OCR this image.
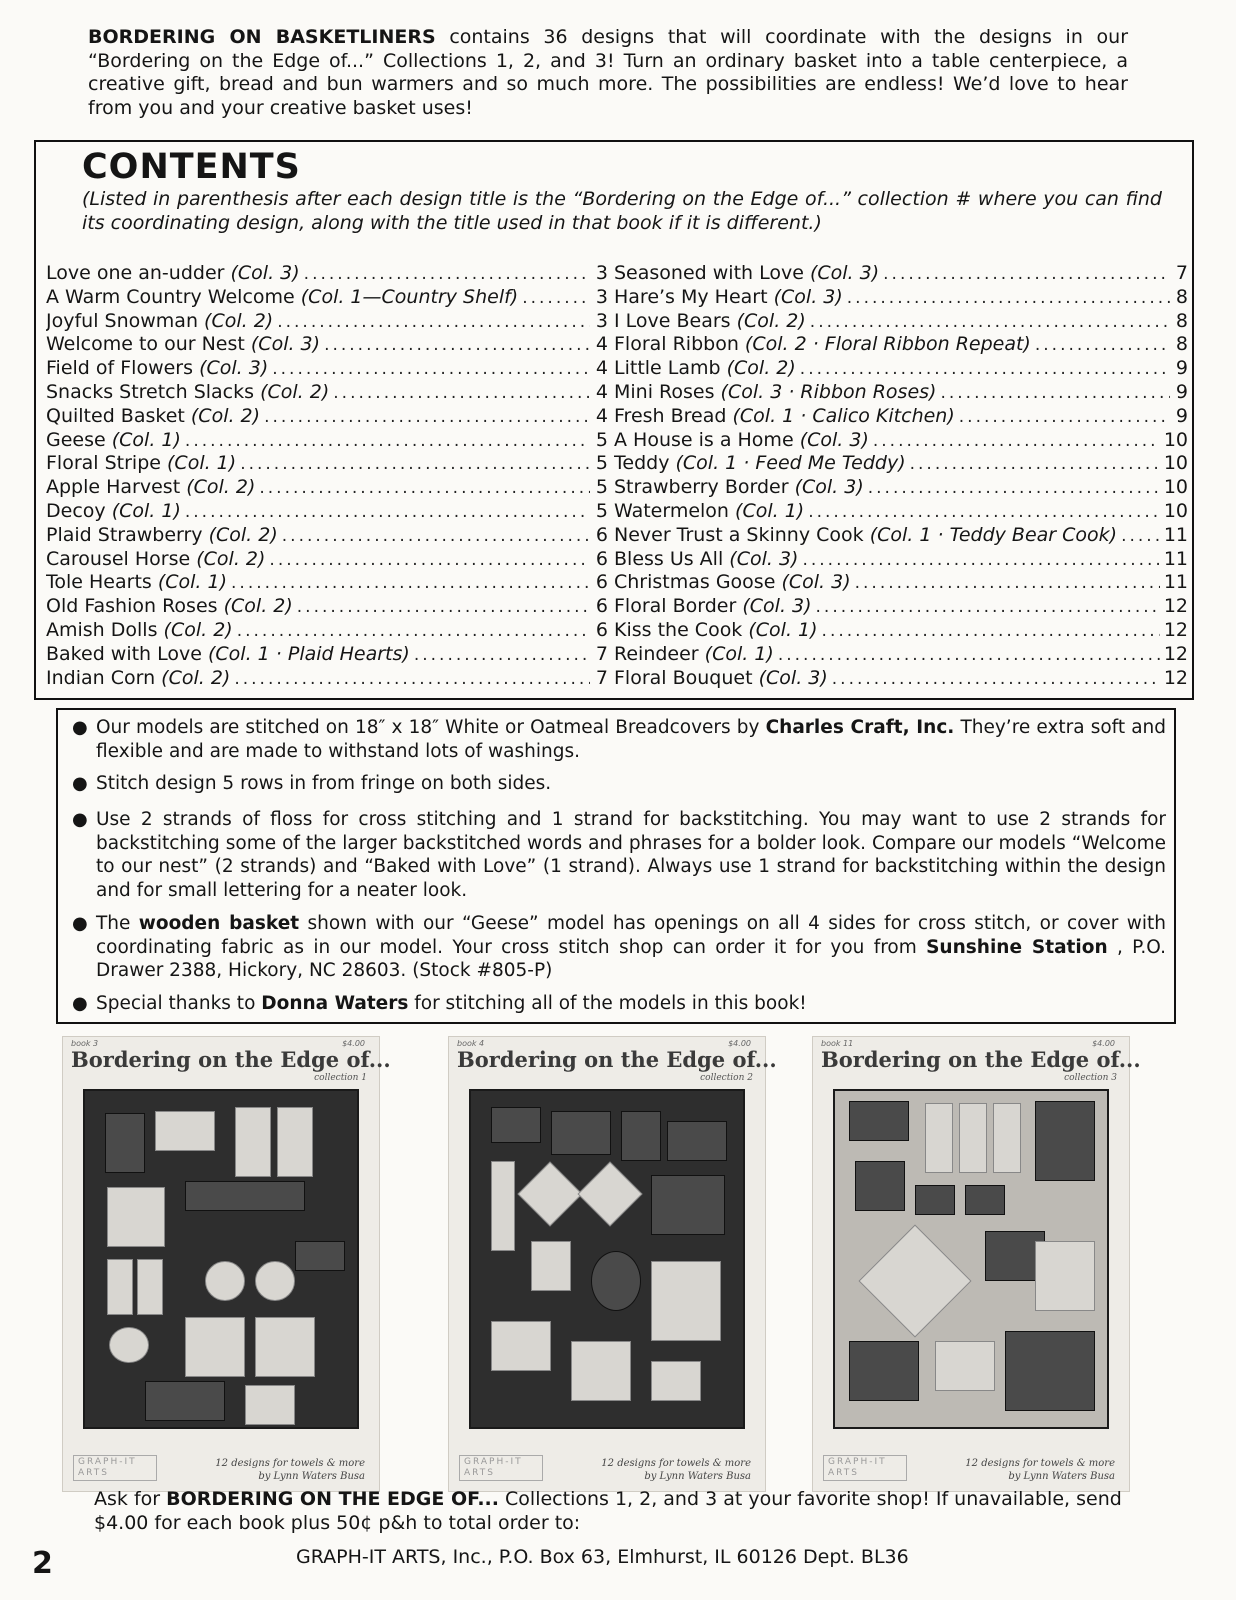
BORDERING ON BASKETLINERS contains 36 designs that will coordinate with the designs in our “Bordering on the Edge of...” Collections 1, 2, and 3! Turn an ordinary basket into a table centerpiece, a creative gift, bread and bun warmers and so much more. The possibilities are endless! We’d love to hear from you and your creative basket uses!
CONTENTS
(Listed in parenthesis after each design title is the “Bordering on the Edge of...” collection # where you can find its coordinating design, along with the title used in that book if it is different.)
Love one an-udder (Col. 3) .....	3
A Warm Country Welcome (Col. 1—Country Shelf) .....	3
Joyful Snowman (Col. 2) .....	3
Welcome to our Nest (Col. 3) .....	4
Field of Flowers (Col. 3) .....	4
Snacks Stretch Slacks (Col. 2) .....	4
Quilted Basket (Col. 2) .....	4
Geese (Col. 1) .....	5
Floral Stripe (Col. 1) .....	5
Apple Harvest (Col. 2) .....	5
Decoy (Col. 1) .....	5
Plaid Strawberry (Col. 2) .....	6
Carousel Horse (Col. 2) .....	6
Tole Hearts (Col. 1) .....	6
Old Fashion Roses (Col. 2) .....	6
Amish Dolls (Col. 2) .....	6
Baked with Love (Col. 1 · Plaid Hearts) .....	7
Indian Corn (Col. 2) .....	7
Seasoned with Love (Col. 3) .....	7
Hare’s My Heart (Col. 3) .....	8
I Love Bears (Col. 2) .....	8
Floral Ribbon (Col. 2 · Floral Ribbon Repeat) .....	8
Little Lamb (Col. 2) .....	9
Mini Roses (Col. 3 · Ribbon Roses) .....	9
Fresh Bread (Col. 1 · Calico Kitchen) .....	9
A House is a Home (Col. 3) .....	10
Teddy (Col. 1 · Feed Me Teddy) .....	10
Strawberry Border (Col. 3) .....	10
Watermelon (Col. 1) .....	10
Never Trust a Skinny Cook (Col. 1 · Teddy Bear Cook) ..... 11
Bless Us All (Col. 3) .....	11
Christmas Goose (Col. 3) .....	11
Floral Border (Col. 3) .....	12
Kiss the Cook (Col. 1) .....	12
Reindeer (Col. 1) .....	12
Floral Bouquet (Col. 3) .....	12
● Our models are stitched on 18″ x 18″ White or Oatmeal Breadcovers by Charles Craft, Inc. They’re extra soft and flexible and are made to withstand lots of washings.
● Stitch design 5 rows in from fringe on both sides.
● Use 2 strands of floss for cross stitching and 1 strand for backstitching. You may want to use 2 strands for backstitching some of the larger backstitched words and phrases for a bolder look. Compare our models “Welcome to our nest” (2 strands) and “Baked with Love” (1 strand). Always use 1 strand for backstitching within the design and for small lettering for a neater look.
● The wooden basket shown with our “Geese” model has openings on all 4 sides for cross stitch, or cover with coordinating fabric as in our model. Your cross stitch shop can order it for you from Sunshine Station , P.O. Drawer 2388, Hickory, NC 28603. (Stock #805-P)
● Special thanks to Donna Waters for stitching all of the models in this book!
book 3	$4.00
Bordering on the Edge of...
collection 1
GRAPH-IT ARTS
12 designs for towels & more
by Lynn Waters Busa
book 4	$4.00
Bordering on the Edge of...
collection 2
GRAPH-IT ARTS
12 designs for towels & more
by Lynn Waters Busa
book 11	$4.00
Bordering on the Edge of...
collection 3
GRAPH-IT ARTS
12 designs for towels & more
by Lynn Waters Busa
Ask for BORDERING ON THE EDGE OF... Collections 1, 2, and 3 at your favorite shop! If unavailable, send $4.00 for each book plus 50¢ p&h to total order to:
2	GRAPH-IT ARTS, Inc., P.O. Box 63, Elmhurst, IL 60126 Dept. BL36
